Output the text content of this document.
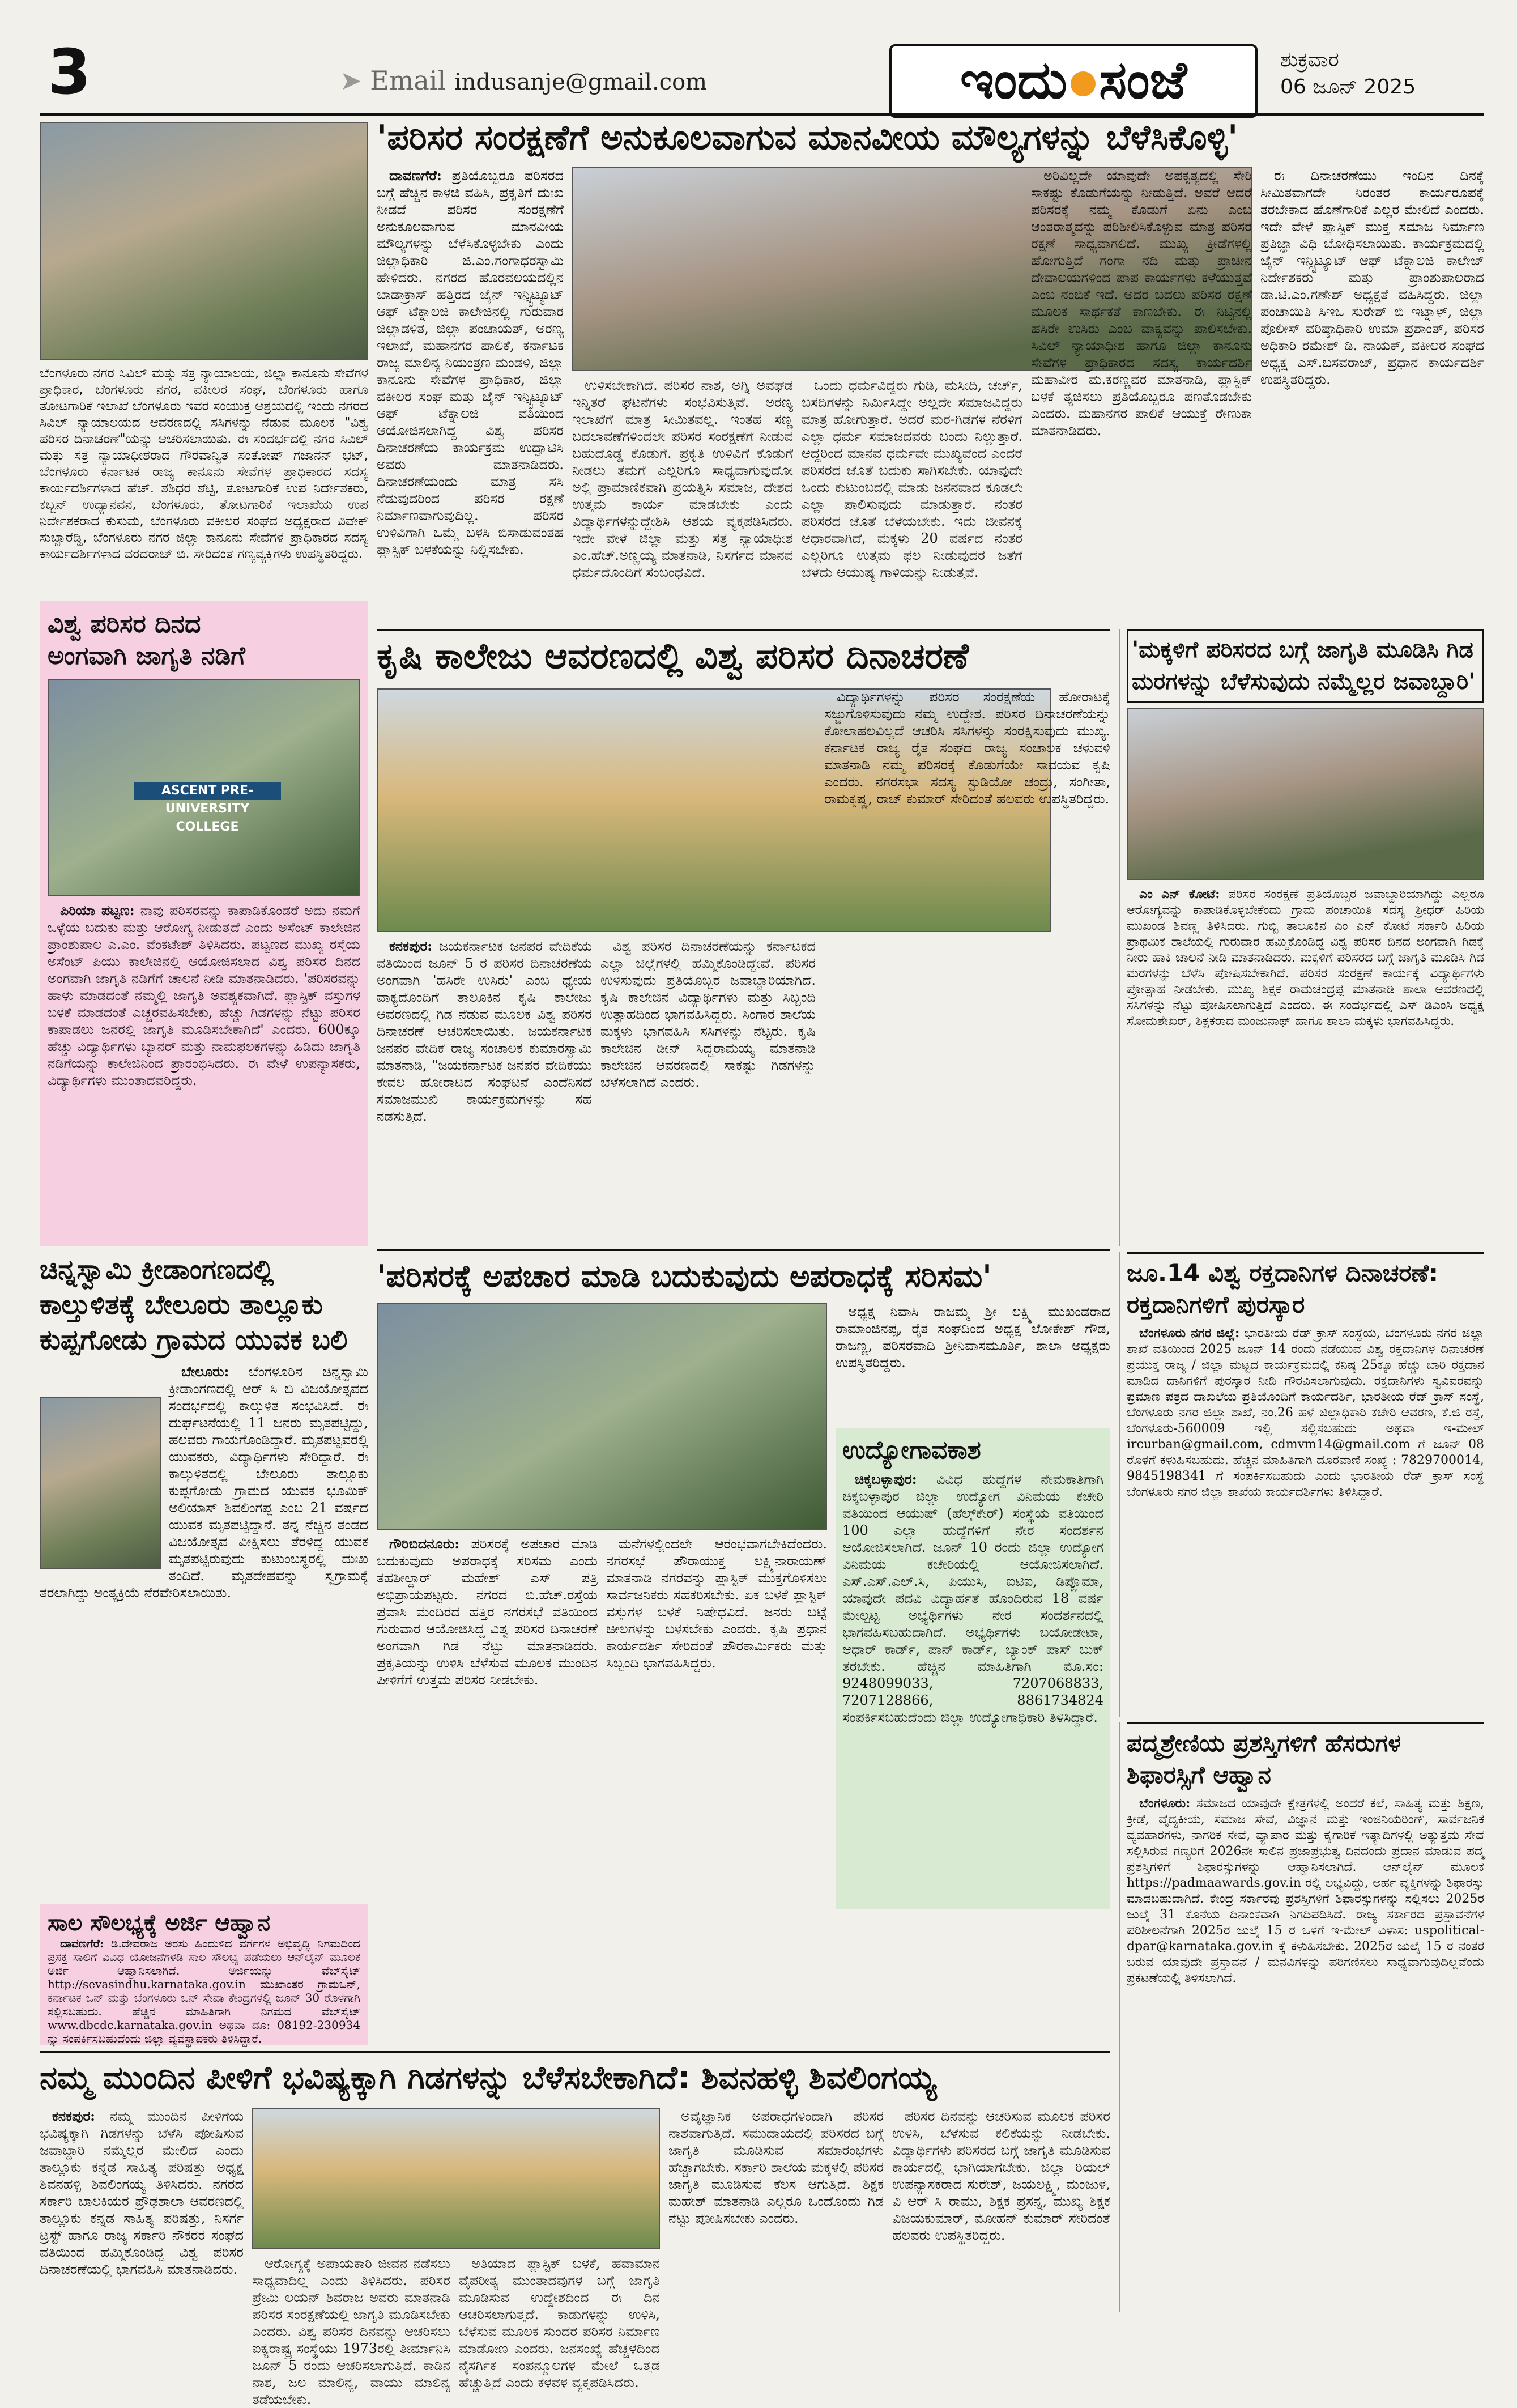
3	➤ Email indusanje@gmail.com	ಇಂದು ಸಂಜೆ	ಶುಕ್ರವಾರ
06 ಜೂನ್ 2025
ಬೆಂಗಳೂರು ನಗರ ಸಿವಿಲ್ ಮತ್ತು ಸತ್ರ ನ್ಯಾಯಾಲಯ, ಜಿಲ್ಲಾ ಕಾನೂನು ಸೇವೆಗಳ ಪ್ರಾಧಿಕಾರ, ಬೆಂಗಳೂರು ನಗರ, ವಕೀಲರ ಸಂಘ, ಬೆಂಗಳೂರು ಹಾಗೂ ತೋಟಗಾರಿಕೆ ಇಲಾಖೆ ಬೆಂಗಳೂರು ಇವರ ಸಂಯುಕ್ತ ಆಶ್ರಯದಲ್ಲಿ ಇಂದು ನಗರದ ಸಿವಿಲ್ ನ್ಯಾಯಾಲಯದ ಆವರಣದಲ್ಲಿ ಸಸಿಗಳನ್ನು ನೆಡುವ ಮೂಲಕ "ವಿಶ್ವ ಪರಿಸರ ದಿನಾಚರಣೆ"ಯನ್ನು ಆಚರಿಸಲಾಯಿತು. ಈ ಸಂದರ್ಭದಲ್ಲಿ ನಗರ ಸಿವಿಲ್ ಮತ್ತು ಸತ್ರ ನ್ಯಾಯಾಧೀಶರಾದ ಗೌರವಾನ್ವಿತ ಸಂತೋಷ್ ಗಜಾನನ್ ಭಟ್, ಬೆಂಗಳೂರು ಕರ್ನಾಟಕ ರಾಜ್ಯ ಕಾನೂನು ಸೇವೆಗಳ ಪ್ರಾಧಿಕಾರದ ಸದಸ್ಯ ಕಾರ್ಯದರ್ಶಿಗಳಾದ ಹೆಚ್. ಶಶಿಧರ ಶೆಟ್ಟಿ, ತೋಟಗಾರಿಕೆ ಉಪ ನಿರ್ದೇಶಕರು, ಕಬ್ಬನ್ ಉದ್ಯಾನವನ, ಬೆಂಗಳೂರು, ತೋಟಗಾರಿಕೆ ಇಲಾಖೆಯ ಉಪ ನಿರ್ದೇಶಕರಾದ ಕುಸುಮ, ಬೆಂಗಳೂರು ವಕೀಲರ ಸಂಘದ ಅಧ್ಯಕ್ಷರಾದ ವಿವೇಕ್ ಸುಬ್ಬಾರೆಡ್ಡಿ, ಬೆಂಗಳೂರು ನಗರ ಜಿಲ್ಲಾ ಕಾನೂನು ಸೇವೆಗಳ ಪ್ರಾಧಿಕಾರದ ಸದಸ್ಯ ಕಾರ್ಯದರ್ಶಿಗಳಾದ ವರದರಾಜ್ ಬಿ. ಸೇರಿದಂತೆ ಗಣ್ಯವ್ಯಕ್ತಿಗಳು ಉಪಸ್ಥಿತರಿದ್ದರು.
'ಪರಿಸರ ಸಂರಕ್ಷಣೆಗೆ ಅನುಕೂಲವಾಗುವ ಮಾನವೀಯ ಮೌಲ್ಯಗಳನ್ನು ಬೆಳೆಸಿಕೊಳ್ಳಿ'

ದಾವಣಗೆರೆ: ಪ್ರತಿಯೊಬ್ಬರೂ ಪರಿಸರದ ಬಗ್ಗೆ ಹೆಚ್ಚಿನ ಕಾಳಜಿ ವಹಿಸಿ, ಪ್ರಕೃತಿಗೆ ದುಃಖ ನೀಡದೆ ಪರಿಸರ ಸಂರಕ್ಷಣೆಗೆ ಅನುಕೂಲವಾಗುವ ಮಾನವೀಯ ಮೌಲ್ಯಗಳನ್ನು ಬೆಳೆಸಿಕೊಳ್ಳಬೇಕು ಎಂದು ಜಿಲ್ಲಾಧಿಕಾರಿ ಜಿ.ಎಂ.ಗಂಗಾಧರಸ್ವಾಮಿ ಹೇಳಿದರು. ನಗರದ ಹೊರವಲಯದಲ್ಲಿನ ಬಾಡಾಕ್ರಾಸ್ ಹತ್ತಿರದ ಜೈನ್ ಇನ್ಸ್ಟಿಟ್ಯೂಟ್ ಆಫ್ ಟೆಕ್ನಾಲಜಿ ಕಾಲೇಜಿನಲ್ಲಿ ಗುರುವಾರ ಜಿಲ್ಲಾಡಳಿತ, ಜಿಲ್ಲಾ ಪಂಚಾಯತ್, ಅರಣ್ಯ ಇಲಾಖೆ, ಮಹಾನಗರ ಪಾಲಿಕೆ, ಕರ್ನಾಟಕ ರಾಜ್ಯ ಮಾಲಿನ್ಯ ನಿಯಂತ್ರಣ ಮಂಡಳಿ, ಜಿಲ್ಲಾ ಕಾನೂನು ಸೇವೆಗಳ ಪ್ರಾಧಿಕಾರ, ಜಿಲ್ಲಾ ವಕೀಲರ ಸಂಘ ಮತ್ತು ಜೈನ್ ಇನ್ಸ್ಟಿಟ್ಯೂಟ್ ಆಫ್ ಟೆಕ್ನಾಲಜಿ ವತಿಯಿಂದ ಆಯೋಜಿಸಲಾಗಿದ್ದ ವಿಶ್ವ ಪರಿಸರ ದಿನಾಚರಣೆಯ ಕಾರ್ಯಕ್ರಮ ಉದ್ಘಾಟಿಸಿ ಅವರು ಮಾತನಾಡಿದರು. ದಿನಾಚರಣೆಯಂದು ಮಾತ್ರ ಸಸಿ ನೆಡುವುದರಿಂದ ಪರಿಸರ ರಕ್ಷಣೆ ನಿರ್ಮಾಣವಾಗುವುದಿಲ್ಲ. ಪರಿಸರ ಉಳಿವಿಗಾಗಿ ಒಮ್ಮೆ ಬಳಸಿ ಬಿಸಾಡುವಂತಹ ಪ್ಲಾಸ್ಟಿಕ್ ಬಳಕೆಯನ್ನು ನಿಲ್ಲಿಸಬೇಕು.

ಉಳಿಸಬೇಕಾಗಿದೆ. ಪರಿಸರ ನಾಶ, ಅಗ್ನಿ ಅವಘಡ ಇನ್ನಿತರೆ ಘಟನೆಗಳು ಸಂಭವಿಸುತ್ತಿವೆ. ಅರಣ್ಯ ಇಲಾಖೆಗೆ ಮಾತ್ರ ಸೀಮಿತವಲ್ಲ. ಇಂತಹ ಸಣ್ಣ ಬದಲಾವಣೆಗಳಿಂದಲೇ ಪರಿಸರ ಸಂರಕ್ಷಣೆಗೆ ನೀಡುವ ಬಹುದೊಡ್ಡ ಕೊಡುಗೆ. ಪ್ರಕೃತಿ ಉಳಿವಿಗೆ ಕೊಡುಗೆ ನೀಡಲು ತಮಗೆ ಎಲ್ಲರಿಗೂ ಸಾಧ್ಯವಾಗುವುದೋ ಅಲ್ಲಿ ಪ್ರಾಮಾಣಿಕವಾಗಿ ಪ್ರಯತ್ನಿಸಿ ಸಮಾಜ, ದೇಶದ ಉತ್ತಮ ಕಾರ್ಯ ಮಾಡಬೇಕು ಎಂದು ವಿದ್ಯಾರ್ಥಿಗಳನ್ನುದ್ದೇಶಿಸಿ ಆಶಯ ವ್ಯಕ್ತಪಡಿಸಿದರು. ಇದೇ ವೇಳೆ ಜಿಲ್ಲಾ ಮತ್ತು ಸತ್ರ ನ್ಯಾಯಾಧೀಶ ಎಂ.ಹೆಚ್.ಅಣ್ಣಯ್ಯ ಮಾತನಾಡಿ, ನಿಸರ್ಗದ ಮಾನವ ಧರ್ಮದೊಂದಿಗೆ ಸಂಬಂಧವಿದೆ.

ಒಂದು ಧರ್ಮವಿದ್ದರು ಗುಡಿ, ಮಸೀದಿ, ಚರ್ಚ್, ಬಸದಿಗಳನ್ನು ನಿರ್ಮಿಸಿದ್ದೇ ಅಲ್ಲದೇ ಸಮಾಜವಿದ್ದರು ಮಾತ್ರ ಹೋಗುತ್ತಾರೆ. ಅದರೆ ಮರ-ಗಿಡಗಳ ನೆರಳಿಗೆ ಎಲ್ಲಾ ಧರ್ಮ ಸಮಾಜದವರು ಬಂದು ನಿಲ್ಲುತ್ತಾರೆ. ಆದ್ದರಿಂದ ಮಾನವ ಧರ್ಮವೇ ಮುಖ್ಯವೆಂದ ಎಂದರೆ ಪರಿಸರದ ಜೊತೆ ಬದುಕು ಸಾಗಿಸಬೇಕು. ಯಾವುದೇ ಒಂದು ಕುಟುಂಬದಲ್ಲಿ ಮಾಡು ಜನನವಾದ ಕೂಡಲೇ ಎಲ್ಲಾ ಪಾಲಿಸುವುದು ಮಾಡುತ್ತಾರೆ. ನಂತರ ಪರಿಸರದ ಜೊತೆ ಬೆಳೆಯಬೇಕು. ಇದು ಜೀವನಕ್ಕೆ ಆಧಾರವಾಗಿದೆ, ಮಕ್ಕಳು 20 ವರ್ಷದ ನಂತರ ಎಲ್ಲರಿಗೂ ಉತ್ತಮ ಫಲ ನೀಡುವುದರ ಜತೆಗೆ ಬೆಳೆದು ಆಯುಷ್ಯ ಗಾಳಿಯನ್ನು ನೀಡುತ್ತವೆ.

ಅರಿವಿಲ್ಲದೇ ಯಾವುದೇ ಅಪಕೃತ್ಯದಲ್ಲಿ ಸೇರಿ ಸಾಕಷ್ಟು ಕೊಡುಗೆಯನ್ನು ನೀಡುತ್ತಿದೆ. ಅವರೆ ಆದರೆ ಪರಿಸರಕ್ಕೆ ನಮ್ಮ ಕೊಡುಗೆ ಏನು ಎಂಬ ಆಂತರಾತ್ಮವನ್ನು ಪರಿಶೀಲಿಸಿಕೊಳ್ಳುವ ಮಾತ್ರ ಪರಿಸರ ರಕ್ಷಣೆ ಸಾಧ್ಯವಾಗಲಿದೆ. ಮುಖ್ಯ ಕ್ರೀಡೆಗಳಲ್ಲಿ ಹೋಗುತ್ತಿದೆ ಗಂಗಾ ನದಿ ಮತ್ತು ಪ್ರಾಚೀನ ದೇವಾಲಯಗಳಿಂದ ಪಾಪ ಕಾರ್ಯಗಳು ಕಳೆಯುತ್ತವೆ ಎಂಬ ನಂಬಿಕೆ ಇದೆ. ಅದರ ಬದಲು ಪರಿಸರ ರಕ್ಷಣೆ ಮೂಲಕ ಸಾರ್ಥಕತೆ ಕಾಣಬೇಕು. ಈ ನಿಟ್ಟಿನಲ್ಲಿ ಹಸಿರೇ ಉಸಿರು ಎಂಬ ವಾಕ್ಯವನ್ನು ಪಾಲಿಸಬೇಕು. ಸಿವಿಲ್ ನ್ಯಾಯಾಧೀಶ ಹಾಗೂ ಜಿಲ್ಲಾ ಕಾನೂನು ಸೇವೆಗಳ ಪ್ರಾಧಿಕಾರದ ಸದಸ್ಯ ಕಾರ್ಯದರ್ಶಿ ಮಹಾವೀರ ಮ.ಕರಣ್ಣವರ ಮಾತನಾಡಿ, ಪ್ಲಾಸ್ಟಿಕ್ ಬಳಕೆ ತ್ಯಜಿಸಲು ಪ್ರತಿಯೊಬ್ಬರೂ ಪಣತೊಡಬೇಕು ಎಂದರು. ಮಹಾನಗರ ಪಾಲಿಕೆ ಆಯುಕ್ತೆ ರೇಣುಕಾ ಮಾತನಾಡಿದರು.

ಈ ದಿನಾಚರಣೆಯು ಇಂದಿನ ದಿನಕ್ಕೆ ಸೀಮಿತವಾಗದೇ ನಿರಂತರ ಕಾರ್ಯರೂಪಕ್ಕೆ ತರಬೇಕಾದ ಹೊಣೆಗಾರಿಕೆ ಎಲ್ಲರ ಮೇಲಿದೆ ಎಂದರು. ಇದೇ ವೇಳೆ ಪ್ಲಾಸ್ಟಿಕ್ ಮುಕ್ತ ಸಮಾಜ ನಿರ್ಮಾಣ ಪ್ರತಿಜ್ಞಾ ವಿಧಿ ಬೋಧಿಸಲಾಯಿತು. ಕಾರ್ಯಕ್ರಮದಲ್ಲಿ ಜೈನ್ ಇನ್ಸ್ಟಿಟ್ಯೂಟ್ ಆಫ್ ಟೆಕ್ನಾಲಜಿ ಕಾಲೇಜ್ ನಿರ್ದೇಶಕರು ಮತ್ತು ಪ್ರಾಂಶುಪಾಲರಾದ ಡಾ.ಟಿ.ಎಂ.ಗಣೇಶ್ ಅಧ್ಯಕ್ಷತೆ ವಹಿಸಿದ್ದರು. ಜಿಲ್ಲಾ ಪಂಚಾಯಿತಿ ಸಿಇಒ ಸುರೇಶ್ ಬಿ ಇಟ್ನಾಳ್, ಜಿಲ್ಲಾ ಪೊಲೀಸ್ ವರಿಷ್ಠಾಧಿಕಾರಿ ಉಮಾ ಪ್ರಶಾಂತ್, ಪರಿಸರ ಅಧಿಕಾರಿ ರಮೇಶ್ ಡಿ. ನಾಯಕ್, ವಕೀಲರ ಸಂಘದ ಅಧ್ಯಕ್ಷ ಎಸ್.ಬಸವರಾಜ್, ಪ್ರಧಾನ ಕಾರ್ಯದರ್ಶಿ ಉಪಸ್ಥಿತರಿದ್ದರು.

ವಿಶ್ವ ಪರಿಸರ ದಿನದ
ಅಂಗವಾಗಿ ಜಾಗೃತಿ ನಡಿಗೆ
ASCENT PRE-UNIVERSITY COLLEGE

ಪಿರಿಯಾ ಪಟ್ಟಣ: ನಾವು ಪರಿಸರವನ್ನು ಕಾಪಾಡಿಕೊಂಡರೆ ಅದು ನಮಗೆ ಒಳ್ಳೆಯ ಬದುಕು ಮತ್ತು ಆರೋಗ್ಯ ನೀಡುತ್ತದೆ ಎಂದು ಅಸೆಂಟ್ ಕಾಲೇಜಿನ ಪ್ರಾಂಶುಪಾಲ ಎ.ಎಂ. ವೆಂಕಟೇಶ್ ತಿಳಿಸಿದರು. ಪಟ್ಟಣದ ಮುಖ್ಯ ರಸ್ತೆಯ ಅಸೆಂಟ್ ಪಿಯು ಕಾಲೇಜಿನಲ್ಲಿ ಆಯೋಜಿಸಲಾದ ವಿಶ್ವ ಪರಿಸರ ದಿನದ ಅಂಗವಾಗಿ ಜಾಗೃತಿ ನಡಿಗೆಗೆ ಚಾಲನೆ ನೀಡಿ ಮಾತನಾಡಿದರು. 'ಪರಿಸರವನ್ನು ಹಾಳು ಮಾಡದಂತೆ ನಮ್ಮಲ್ಲಿ ಜಾಗೃತಿ ಅವಶ್ಯಕವಾಗಿದೆ. ಪ್ಲಾಸ್ಟಿಕ್ ವಸ್ತುಗಳ ಬಳಕೆ ಮಾಡದಂತೆ ಎಚ್ಚರವಹಿಸಬೇಕು, ಹೆಚ್ಚು ಗಿಡಗಳನ್ನು ನೆಟ್ಟು ಪರಿಸರ ಕಾಪಾಡಲು ಜನರಲ್ಲಿ ಜಾಗೃತಿ ಮೂಡಿಸಬೇಕಾಗಿದೆ' ಎಂದರು. 600ಕ್ಕೂ ಹೆಚ್ಚು ವಿದ್ಯಾರ್ಥಿಗಳು ಬ್ಯಾನರ್ ಮತ್ತು ನಾಮಫಲಕಗಳನ್ನು ಹಿಡಿದು ಜಾಗೃತಿ ನಡಿಗೆಯನ್ನು ಕಾಲೇಜಿನಿಂದ ಪ್ರಾರಂಭಿಸಿದರು. ಈ ವೇಳೆ ಉಪನ್ಯಾಸಕರು, ವಿದ್ಯಾರ್ಥಿಗಳು ಮುಂತಾದವರಿದ್ದರು.

ಚಿನ್ನಸ್ವಾಮಿ ಕ್ರೀಡಾಂಗಣದಲ್ಲಿ ಕಾಲ್ತುಳಿತಕ್ಕೆ ಬೇಲೂರು ತಾಲ್ಲೂಕು ಕುಪ್ಪಗೋಡು ಗ್ರಾಮದ ಯುವಕ ಬಲಿ

ಬೇಲೂರು: ಬೆಂಗಳೂರಿನ ಚಿನ್ನಸ್ವಾಮಿ ಕ್ರೀಡಾಂಗಣದಲ್ಲಿ ಆರ್ ಸಿ ಬಿ ವಿಜಯೋತ್ಸವದ ಸಂದರ್ಭದಲ್ಲಿ ಕಾಲ್ತುಳಿತ ಸಂಭವಿಸಿದೆ. ಈ ದುರ್ಘಟನೆಯಲ್ಲಿ 11 ಜನರು ಮೃತಪಟ್ಟಿದ್ದು, ಹಲವರು ಗಾಯಗೊಂಡಿದ್ದಾರೆ. ಮೃತಪಟ್ಟವರಲ್ಲಿ ಯುವಕರು, ವಿದ್ಯಾರ್ಥಿಗಳು ಸೇರಿದ್ದಾರೆ. ಈ ಕಾಲ್ತುಳಿತದಲ್ಲಿ ಬೇಲೂರು ತಾಲ್ಲೂಕು ಕುಪ್ಪಗೋಡು ಗ್ರಾಮದ ಯುವಕ ಭೂಮಿಕ್ ಅಲಿಯಾಸ್ ಶಿವಲಿಂಗಪ್ಪ ಎಂಬ 21 ವರ್ಷದ ಯುವಕ ಮೃತಪಟ್ಟಿದ್ದಾನೆ. ತನ್ನ ನೆಚ್ಚಿನ ತಂಡದ ವಿಜಯೋತ್ಸವ ವೀಕ್ಷಿಸಲು ತೆರಳಿದ್ದ ಯುವಕ ಮೃತಪಟ್ಟಿರುವುದು ಕುಟುಂಬಸ್ಥರಲ್ಲಿ ದುಃಖ ತಂದಿದೆ. ಮೃತದೇಹವನ್ನು ಸ್ವಗ್ರಾಮಕ್ಕೆ ತರಲಾಗಿದ್ದು ಅಂತ್ಯಕ್ರಿಯೆ ನೆರವೇರಿಸಲಾಯಿತು.

ಸಾಲ ಸೌಲಭ್ಯಕ್ಕೆ ಅರ್ಜಿ ಆಹ್ವಾನ

ದಾವಣಗೆರೆ: ಡಿ.ದೇವರಾಜ ಅರಸು ಹಿಂದುಳಿದ ವರ್ಗಗಳ ಅಭಿವೃದ್ಧಿ ನಿಗಮದಿಂದ ಪ್ರಸಕ್ತ ಸಾಲಿಗೆ ವಿವಿಧ ಯೋಜನೆಗಳಡಿ ಸಾಲ ಸೌಲಭ್ಯ ಪಡೆಯಲು ಆನ್‌ಲೈನ್ ಮೂಲಕ ಅರ್ಜಿ ಆಹ್ವಾನಿಸಲಾಗಿದೆ. ಅರ್ಜಿಯನ್ನು ವೆಬ್‌ಸೈಟ್ http://sevasindhu.karnataka.gov.in ಮುಖಾಂತರ ಗ್ರಾಮಒನ್, ಕರ್ನಾಟಕ ಒನ್ ಮತ್ತು ಬೆಂಗಳೂರು ಒನ್ ಸೇವಾ ಕೇಂದ್ರಗಳಲ್ಲಿ ಜೂನ್ 30 ರೊಳಗಾಗಿ ಸಲ್ಲಿಸಬಹುದು. ಹೆಚ್ಚಿನ ಮಾಹಿತಿಗಾಗಿ ನಿಗಮದ ವೆಬ್‌ಸೈಟ್ www.dbcdc.karnataka.gov.in ಅಥವಾ ದೂ: 08192-230934 ನ್ನು ಸಂಪರ್ಕಿಸಬಹುದೆಂದು ಜಿಲ್ಲಾ ವ್ಯವಸ್ಥಾಪಕರು ತಿಳಿಸಿದ್ದಾರೆ.

ಕೃಷಿ ಕಾಲೇಜು ಆವರಣದಲ್ಲಿ ವಿಶ್ವ ಪರಿಸರ ದಿನಾಚರಣೆ

ಕನಕಪುರ: ಜಯಕರ್ನಾಟಕ ಜನಪರ ವೇದಿಕೆಯ ವತಿಯಿಂದ ಜೂನ್ 5 ರ ಪರಿಸರ ದಿನಾಚರಣೆಯ ಅಂಗವಾಗಿ 'ಹಸಿರೇ ಉಸಿರು' ಎಂಬ ಧ್ಯೇಯ ವಾಕ್ಯದೊಂದಿಗೆ ತಾಲೂಕಿನ ಕೃಷಿ ಕಾಲೇಜು ಆವರಣದಲ್ಲಿ ಗಿಡ ನೆಡುವ ಮೂಲಕ ವಿಶ್ವ ಪರಿಸರ ದಿನಾಚರಣೆ ಆಚರಿಸಲಾಯಿತು. ಜಯಕರ್ನಾಟಕ ಜನಪರ ವೇದಿಕೆ ರಾಜ್ಯ ಸಂಚಾಲಕ ಕುಮಾರಸ್ವಾಮಿ ಮಾತನಾಡಿ, "ಜಯಕರ್ನಾಟಕ ಜನಪರ ವೇದಿಕೆಯು ಕೇವಲ ಹೋರಾಟದ ಸಂಘಟನೆ ಎಂದೆನಿಸದೆ ಸಮಾಜಮುಖಿ ಕಾರ್ಯಕ್ರಮಗಳನ್ನು ಸಹ ನಡೆಸುತ್ತಿದೆ.

ವಿಶ್ವ ಪರಿಸರ ದಿನಾಚರಣೆಯನ್ನು ಕರ್ನಾಟಕದ ಎಲ್ಲಾ ಜಿಲ್ಲೆಗಳಲ್ಲಿ ಹಮ್ಮಿಕೊಂಡಿದ್ದೇವೆ. ಪರಿಸರ ಉಳಿಸುವುದು ಪ್ರತಿಯೊಬ್ಬರ ಜವಾಬ್ದಾರಿಯಾಗಿದೆ. ಕೃಷಿ ಕಾಲೇಜಿನ ವಿದ್ಯಾರ್ಥಿಗಳು ಮತ್ತು ಸಿಬ್ಬಂದಿ ಉತ್ಸಾಹದಿಂದ ಭಾಗವಹಿಸಿದ್ದರು. ಸಿಂಗಾರ ಶಾಲೆಯ ಮಕ್ಕಳು ಭಾಗವಹಿಸಿ ಸಸಿಗಳನ್ನು ನೆಟ್ಟರು. ಕೃಷಿ ಕಾಲೇಜಿನ ಡೀನ್ ಸಿದ್ದರಾಮಯ್ಯ ಮಾತನಾಡಿ ಕಾಲೇಜಿನ ಆವರಣದಲ್ಲಿ ಸಾಕಷ್ಟು ಗಿಡಗಳನ್ನು ಬೆಳೆಸಲಾಗಿದೆ ಎಂದರು.

ವಿದ್ಯಾರ್ಥಿಗಳನ್ನು ಪರಿಸರ ಸಂರಕ್ಷಣೆಯ ಹೋರಾಟಕ್ಕೆ ಸಜ್ಜುಗೊಳಿಸುವುದು ನಮ್ಮ ಉದ್ದೇಶ. ಪರಿಸರ ದಿನಾಚರಣೆಯನ್ನು ಕೋಲಾಹಲವಿಲ್ಲದೆ ಆಚರಿಸಿ ಸಸಿಗಳನ್ನು ಸಂರಕ್ಷಿಸುವುದು ಮುಖ್ಯ. ಕರ್ನಾಟಕ ರಾಜ್ಯ ರೈತ ಸಂಘದ ರಾಜ್ಯ ಸಂಚಾಲಕ ಚಳುವಳಿ ಮಾತನಾಡಿ ನಮ್ಮ ಪರಿಸರಕ್ಕೆ ಕೊಡುಗೆಯೇ ಸಾವಯವ ಕೃಷಿ ಎಂದರು. ನಗರಸಭಾ ಸದಸ್ಯ ಸ್ಟುಡಿಯೋ ಚಂದ್ರು, ಸಂಗೀತಾ, ರಾಮಕೃಷ್ಣ, ರಾಜ್ ಕುಮಾರ್ ಸೇರಿದಂತೆ ಹಲವರು ಉಪಸ್ಥಿತರಿದ್ದರು.

'ಮಕ್ಕಳಿಗೆ ಪರಿಸರದ ಬಗ್ಗೆ ಜಾಗೃತಿ ಮೂಡಿಸಿ ಗಿಡ ಮರಗಳನ್ನು ಬೆಳೆಸುವುದು ನಮ್ಮೆಲ್ಲರ ಜವಾಬ್ದಾರಿ'

ಎಂ ಎನ್ ಕೋಟೆ: ಪರಿಸರ ಸಂರಕ್ಷಣೆ ಪ್ರತಿಯೊಬ್ಬರ ಜವಾಬ್ದಾರಿಯಾಗಿದ್ದು ಎಲ್ಲರೂ ಆರೋಗ್ಯವನ್ನು ಕಾಪಾಡಿಕೊಳ್ಳಬೇಕೆಂದು ಗ್ರಾಮ ಪಂಚಾಯಿತಿ ಸದಸ್ಯ ಶ್ರೀಧರ್ ಹಿರಿಯ ಮುಖಂಡ ಶಿವಣ್ಣ ತಿಳಿಸಿದರು. ಗುಬ್ಬಿ ತಾಲೂಕಿನ ಎಂ ಎನ್ ಕೋಟೆ ಸರ್ಕಾರಿ ಹಿರಿಯ ಪ್ರಾಥಮಿಕ ಶಾಲೆಯಲ್ಲಿ ಗುರುವಾರ ಹಮ್ಮಿಕೊಂಡಿದ್ದ ವಿಶ್ವ ಪರಿಸರ ದಿನದ ಅಂಗವಾಗಿ ಗಿಡಕ್ಕೆ ನೀರು ಹಾಕಿ ಚಾಲನೆ ನೀಡಿ ಮಾತನಾಡಿದರು. ಮಕ್ಕಳಿಗೆ ಪರಿಸರದ ಬಗ್ಗೆ ಜಾಗೃತಿ ಮೂಡಿಸಿ ಗಿಡ ಮರಗಳನ್ನು ಬೆಳೆಸಿ ಪೋಷಿಸಬೇಕಾಗಿದೆ. ಪರಿಸರ ಸಂರಕ್ಷಣೆ ಕಾರ್ಯಕ್ಕೆ ವಿದ್ಯಾರ್ಥಿಗಳು ಪ್ರೋತ್ಸಾಹ ನೀಡಬೇಕು. ಮುಖ್ಯ ಶಿಕ್ಷಕ ರಾಮಚಂದ್ರಪ್ಪ ಮಾತನಾಡಿ ಶಾಲಾ ಆವರಣದಲ್ಲಿ ಸಸಿಗಳನ್ನು ನೆಟ್ಟು ಪೋಷಿಸಲಾಗುತ್ತಿದೆ ಎಂದರು. ಈ ಸಂದರ್ಭದಲ್ಲಿ ಎಸ್ ಡಿಎಂಸಿ ಅಧ್ಯಕ್ಷ ಸೋಮಶೇಖರ್, ಶಿಕ್ಷಕರಾದ ಮಂಜುನಾಥ್ ಹಾಗೂ ಶಾಲಾ ಮಕ್ಕಳು ಭಾಗವಹಿಸಿದ್ದರು.

'ಪರಿಸರಕ್ಕೆ ಅಪಚಾರ ಮಾಡಿ ಬದುಕುವುದು ಅಪರಾಧಕ್ಕೆ ಸರಿಸಮ'

ಗೌರಿಬಿದನೂರು: ಪರಿಸರಕ್ಕೆ ಅಪಚಾರ ಮಾಡಿ ಬದುಕುವುದು ಅಪರಾಧಕ್ಕೆ ಸರಿಸಮ ಎಂದು ತಹಶೀಲ್ದಾರ್ ಮಹೇಶ್ ಎಸ್ ಪತ್ರಿ ಅಭಿಪ್ರಾಯಪಟ್ಟರು. ನಗರದ ಬಿ.ಹೆಚ್.ರಸ್ತೆಯ ಪ್ರವಾಸಿ ಮಂದಿರದ ಹತ್ತಿರ ನಗರಸಭೆ ವತಿಯಿಂದ ಗುರುವಾರ ಆಯೋಜಿಸಿದ್ದ ವಿಶ್ವ ಪರಿಸರ ದಿನಾಚರಣೆ ಅಂಗವಾಗಿ ಗಿಡ ನೆಟ್ಟು ಮಾತನಾಡಿದರು. ಪ್ರಕೃತಿಯನ್ನು ಉಳಿಸಿ ಬೆಳೆಸುವ ಮೂಲಕ ಮುಂದಿನ ಪೀಳಿಗೆಗೆ ಉತ್ತಮ ಪರಿಸರ ನೀಡಬೇಕು.

ಮನೆಗಳಲ್ಲಿಂದಲೇ ಆರಂಭವಾಗಬೇಕಿದೆಂದರು. ನಗರಸಭೆ ಪೌರಾಯುಕ್ತ ಲಕ್ಷ್ಮಿನಾರಾಯಣ್ ಮಾತನಾಡಿ ನಗರವನ್ನು ಪ್ಲಾಸ್ಟಿಕ್ ಮುಕ್ತಗೊಳಿಸಲು ಸಾರ್ವಜನಿಕರು ಸಹಕರಿಸಬೇಕು. ಏಕ ಬಳಕೆ ಪ್ಲಾಸ್ಟಿಕ್ ವಸ್ತುಗಳ ಬಳಕೆ ನಿಷೇಧವಿದೆ. ಜನರು ಬಟ್ಟೆ ಚೀಲಗಳನ್ನು ಬಳಸಬೇಕು ಎಂದರು. ಕೃಷಿ ಪ್ರಧಾನ ಕಾರ್ಯದರ್ಶಿ ಸೇರಿದಂತೆ ಪೌರಕಾರ್ಮಿಕರು ಮತ್ತು ಸಿಬ್ಬಂದಿ ಭಾಗವಹಿಸಿದ್ದರು.

ಅಧ್ಯಕ್ಷ ನಿವಾಸಿ ರಾಜಮ್ಮ ಶ್ರೀ ಲಕ್ಷ್ಮಿ ಮುಖಂಡರಾದ ರಾಮಾಂಜಿನಪ್ಪ, ರೈತ ಸಂಘದಿಂದ ಅಧ್ಯಕ್ಷ ಲೋಕೇಶ್ ಗೌಡ, ರಾಜಣ್ಣ, ಪರಿಸರವಾದಿ ಶ್ರೀನಿವಾಸಮೂರ್ತಿ, ಶಾಲಾ ಅಧ್ಯಕ್ಷರು ಉಪಸ್ಥಿತರಿದ್ದರು.

ಉದ್ಯೋಗಾವಕಾಶ

ಚಿಕ್ಕಬಳ್ಳಾಪುರ: ವಿವಿಧ ಹುದ್ದೆಗಳ ನೇಮಕಾತಿಗಾಗಿ ಚಿಕ್ಕಬಳ್ಳಾಪುರ ಜಿಲ್ಲಾ ಉದ್ಯೋಗ ವಿನಿಮಯ ಕಚೇರಿ ವತಿಯಿಂದ ಆಯುಷ್ (ಹೆಲ್ತ್‌ಕೇರ್) ಸಂಸ್ಥೆಯ ವತಿಯಿಂದ 100 ಎಲ್ಲಾ ಹುದ್ದೆಗಳಿಗೆ ನೇರ ಸಂದರ್ಶನ ಆಯೋಜಿಸಲಾಗಿದೆ. ಜೂನ್ 10 ರಂದು ಜಿಲ್ಲಾ ಉದ್ಯೋಗ ವಿನಿಮಯ ಕಚೇರಿಯಲ್ಲಿ ಆಯೋಜಿಸಲಾಗಿದೆ. ಎಸ್.ಎಸ್.ಎಲ್.ಸಿ, ಪಿಯುಸಿ, ಐಟಿಐ, ಡಿಪ್ಲೊಮಾ, ಯಾವುದೇ ಪದವಿ ವಿದ್ಯಾರ್ಹತೆ ಹೊಂದಿರುವ 18 ವರ್ಷ ಮೇಲ್ಪಟ್ಟ ಅಭ್ಯರ್ಥಿಗಳು ನೇರ ಸಂದರ್ಶನದಲ್ಲಿ ಭಾಗವಹಿಸಬಹುದಾಗಿದೆ. ಅಭ್ಯರ್ಥಿಗಳು ಬಯೋಡೇಟಾ, ಆಧಾರ್ ಕಾರ್ಡ್, ಪಾನ್ ಕಾರ್ಡ್, ಬ್ಯಾಂಕ್ ಪಾಸ್ ಬುಕ್ ತರಬೇಕು. ಹೆಚ್ಚಿನ ಮಾಹಿತಿಗಾಗಿ ಮೊ.ಸಂ: 9248099033, 7207068833, 7207128866, 8861734824 ಸಂಪರ್ಕಿಸಬಹುದೆಂದು ಜಿಲ್ಲಾ ಉದ್ಯೋಗಾಧಿಕಾರಿ ತಿಳಿಸಿದ್ದಾರೆ.

ಜೂ.14 ವಿಶ್ವ ರಕ್ತದಾನಿಗಳ ದಿನಾಚರಣೆ: ರಕ್ತದಾನಿಗಳಿಗೆ ಪುರಸ್ಕಾರ

ಬೆಂಗಳೂರು ನಗರ ಜಿಲ್ಲೆ: ಭಾರತೀಯ ರೆಡ್ ಕ್ರಾಸ್ ಸಂಸ್ಥೆಯ, ಬೆಂಗಳೂರು ನಗರ ಜಿಲ್ಲಾ ಶಾಖೆ ವತಿಯಿಂದ 2025 ಜೂನ್ 14 ರಂದು ನಡೆಯುವ ವಿಶ್ವ ರಕ್ತದಾನಿಗಳ ದಿನಾಚರಣೆ ಪ್ರಯುಕ್ತ ರಾಜ್ಯ / ಜಿಲ್ಲಾ ಮಟ್ಟದ ಕಾರ್ಯಕ್ರಮದಲ್ಲಿ ಕನಿಷ್ಠ 25ಕ್ಕೂ ಹೆಚ್ಚು ಬಾರಿ ರಕ್ತದಾನ ಮಾಡಿದ ದಾನಿಗಳಿಗೆ ಪುರಸ್ಕಾರ ನೀಡಿ ಗೌರವಿಸಲಾಗುವುದು. ರಕ್ತದಾನಿಗಳು ಸ್ವವಿವರವನ್ನು ಪ್ರಮಾಣ ಪತ್ರದ ದಾಖಲೆಯ ಪ್ರತಿಯೊಂದಿಗೆ ಕಾರ್ಯದರ್ಶಿ, ಭಾರತೀಯ ರೆಡ್ ಕ್ರಾಸ್ ಸಂಸ್ಥೆ, ಬೆಂಗಳೂರು ನಗರ ಜಿಲ್ಲಾ ಶಾಖೆ, ನಂ.26 ಹಳೆ ಜಿಲ್ಲಾಧಿಕಾರಿ ಕಚೇರಿ ಆವರಣ, ಕೆ.ಜಿ ರಸ್ತೆ, ಬೆಂಗಳೂರು-560009 ಇಲ್ಲಿ ಸಲ್ಲಿಸಬಹುದು ಅಥವಾ ಇ-ಮೇಲ್ ircurban@gmail.com, cdmvm14@gmail.com ಗೆ ಜೂನ್ 08 ರೊಳಗೆ ಕಳುಹಿಸಬಹುದು. ಹೆಚ್ಚಿನ ಮಾಹಿತಿಗಾಗಿ ದೂರವಾಣಿ ಸಂಖ್ಯೆ : 7829700014, 9845198341 ಗೆ ಸಂಪರ್ಕಿಸಬಹುದು ಎಂದು ಭಾರತೀಯ ರೆಡ್ ಕ್ರಾಸ್ ಸಂಸ್ಥೆ ಬೆಂಗಳೂರು ನಗರ ಜಿಲ್ಲಾ ಶಾಖೆಯ ಕಾರ್ಯದರ್ಶಿಗಳು ತಿಳಿಸಿದ್ದಾರೆ.

ಪದ್ಮಶ್ರೇಣಿಯ ಪ್ರಶಸ್ತಿಗಳಿಗೆ ಹೆಸರುಗಳ ಶಿಫಾರಸ್ಸಿಗೆ ಆಹ್ವಾನ

ಬೆಂಗಳೂರು: ಸಮಾಜದ ಯಾವುದೇ ಕ್ಷೇತ್ರಗಳಲ್ಲಿ ಅಂದರೆ ಕಲೆ, ಸಾಹಿತ್ಯ ಮತ್ತು ಶಿಕ್ಷಣ, ಕ್ರೀಡೆ, ವೈದ್ಯಕೀಯ, ಸಮಾಜ ಸೇವೆ, ವಿಜ್ಞಾನ ಮತ್ತು ಇಂಜಿನಿಯರಿಂಗ್, ಸಾರ್ವಜನಿಕ ವ್ಯವಹಾರಗಳು, ನಾಗರಿಕ ಸೇವೆ, ವ್ಯಾಪಾರ ಮತ್ತು ಕೈಗಾರಿಕೆ ಇತ್ಯಾದಿಗಳಲ್ಲಿ ಅತ್ಯುತ್ತಮ ಸೇವೆ ಸಲ್ಲಿಸಿರುವ ಗಣ್ಯರಿಗೆ 2026ನೇ ಸಾಲಿನ ಪ್ರಜಾಪ್ರಭುತ್ವ ದಿನದಂದು ಪ್ರದಾನ ಮಾಡುವ ಪದ್ಮ ಪ್ರಶಸ್ತಿಗಳಿಗೆ ಶಿಫಾರಸ್ಸುಗಳನ್ನು ಆಹ್ವಾನಿಸಲಾಗಿದೆ. ಆನ್‌ಲೈನ್ ಮೂಲಕ https://padmaawards.gov.in ರಲ್ಲಿ ಲಭ್ಯವಿದ್ದು, ಅರ್ಹ ವ್ಯಕ್ತಿಗಳನ್ನು ಶಿಫಾರಸ್ಸು ಮಾಡಬಹುದಾಗಿದೆ. ಕೇಂದ್ರ ಸರ್ಕಾರವು ಪ್ರಶಸ್ತಿಗಳಿಗೆ ಶಿಫಾರಸ್ಸುಗಳನ್ನು ಸಲ್ಲಿಸಲು 2025ರ ಜುಲೈ 31 ಕೊನೆಯ ದಿನಾಂಕವಾಗಿ ನಿಗದಿಪಡಿಸಿದೆ. ರಾಜ್ಯ ಸರ್ಕಾರದ ಪ್ರಸ್ತಾವನೆಗಳ ಪರಿಶೀಲನೆಗಾಗಿ 2025ರ ಜುಲೈ 15 ರ ಒಳಗೆ ಇ-ಮೇಲ್ ವಿಳಾಸ: uspolitical-dpar@karnataka.gov.in ಕ್ಕೆ ಕಳುಹಿಸಬೇಕು. 2025ರ ಜುಲೈ 15 ರ ನಂತರ ಬರುವ ಯಾವುದೇ ಪ್ರಸ್ತಾವನೆ / ಮನವಿಗಳನ್ನು ಪರಿಗಣಿಸಲು ಸಾಧ್ಯವಾಗುವುದಿಲ್ಲವೆಂದು ಪ್ರಕಟಣೆಯಲ್ಲಿ ತಿಳಿಸಲಾಗಿದೆ.

ನಮ್ಮ ಮುಂದಿನ ಪೀಳಿಗೆ ಭವಿಷ್ಯಕ್ಕಾಗಿ ಗಿಡಗಳನ್ನು ಬೆಳೆಸಬೇಕಾಗಿದೆ: ಶಿವನಹಳ್ಳಿ ಶಿವಲಿಂಗಯ್ಯ

ಕನಕಪುರ: ನಮ್ಮ ಮುಂದಿನ ಪೀಳಿಗೆಯ ಭವಿಷ್ಯಕ್ಕಾಗಿ ಗಿಡಗಳನ್ನು ಬೆಳೆಸಿ ಪೋಷಿಸುವ ಜವಾಬ್ದಾರಿ ನಮ್ಮೆಲ್ಲರ ಮೇಲಿದೆ ಎಂದು ತಾಲ್ಲೂಕು ಕನ್ನಡ ಸಾಹಿತ್ಯ ಪರಿಷತ್ತು ಅಧ್ಯಕ್ಷ ಶಿವನಹಳ್ಳಿ ಶಿವಲಿಂಗಯ್ಯ ತಿಳಿಸಿದರು. ನಗರದ ಸರ್ಕಾರಿ ಬಾಲಕಿಯರ ಪ್ರೌಢಶಾಲಾ ಆವರಣದಲ್ಲಿ ತಾಲ್ಲೂಕು ಕನ್ನಡ ಸಾಹಿತ್ಯ ಪರಿಷತ್ತು, ನಿಸರ್ಗ ಟ್ರಸ್ಟ್ ಹಾಗೂ ರಾಜ್ಯ ಸರ್ಕಾರಿ ನೌಕರರ ಸಂಘದ ವತಿಯಿಂದ ಹಮ್ಮಿಕೊಂಡಿದ್ದ ವಿಶ್ವ ಪರಿಸರ ದಿನಾಚರಣೆಯಲ್ಲಿ ಭಾಗವಹಿಸಿ ಮಾತನಾಡಿದರು.	ಆರೋಗ್ಯಕ್ಕೆ ಅಪಾಯಕಾರಿ ಜೀವನ ನಡೆಸಲು ಸಾಧ್ಯವಾದಿಲ್ಲ ಎಂದು ತಿಳಿಸಿದರು. ಪರಿಸರ ಪ್ರೇಮಿ ಲಯನ್ ಶಿವರಾಜ ಅವರು ಮಾತನಾಡಿ ಪರಿಸರ ಸಂರಕ್ಷಣೆಯಲ್ಲಿ ಜಾಗೃತಿ ಮೂಡಿಸಬೇಕು ಎಂದರು. ವಿಶ್ವ ಪರಿಸರ ದಿನವನ್ನು ಆಚರಿಸಲು ಐಕ್ಯರಾಷ್ಟ್ರ ಸಂಸ್ಥೆಯು 1973ರಲ್ಲಿ ತೀರ್ಮಾನಿಸಿ ಜೂನ್ 5 ರಂದು ಆಚರಿಸಲಾಗುತ್ತಿದೆ. ಕಾಡಿನ ನಾಶ, ಜಲ ಮಾಲಿನ್ಯ, ವಾಯು ಮಾಲಿನ್ಯ ತಡೆಯಬೇಕು.

ಅತಿಯಾದ ಪ್ಲಾಸ್ಟಿಕ್ ಬಳಕೆ, ಹವಾಮಾನ ವೈಪರೀತ್ಯ ಮುಂತಾದವುಗಳ ಬಗ್ಗೆ ಜಾಗೃತಿ ಮೂಡಿಸುವ ಉದ್ದೇಶದಿಂದ ಈ ದಿನ ಆಚರಿಸಲಾಗುತ್ತದೆ. ಕಾಡುಗಳನ್ನು ಉಳಿಸಿ, ಬೆಳೆಸುವ ಮೂಲಕ ಸುಂದರ ಪರಿಸರ ನಿರ್ಮಾಣ ಮಾಡೋಣ ಎಂದರು. ಜನಸಂಖ್ಯೆ ಹೆಚ್ಚಳದಿಂದ ನೈಸರ್ಗಿಕ ಸಂಪನ್ಮೂಲಗಳ ಮೇಲೆ ಒತ್ತಡ ಹೆಚ್ಚುತ್ತಿದೆ ಎಂದು ಕಳವಳ ವ್ಯಕ್ತಪಡಿಸಿದರು.

ಅವೈಜ್ಞಾನಿಕ ಅಪರಾಧಗಳಿಂದಾಗಿ ಪರಿಸರ ನಾಶವಾಗುತ್ತಿದೆ. ಸಮುದಾಯದಲ್ಲಿ ಪರಿಸರದ ಬಗ್ಗೆ ಜಾಗೃತಿ ಮೂಡಿಸುವ ಸಮಾರಂಭಗಳು ಹೆಚ್ಚಾಗಬೇಕು. ಸರ್ಕಾರಿ ಶಾಲೆಯ ಮಕ್ಕಳಲ್ಲಿ ಪರಿಸರ ಜಾಗೃತಿ ಮೂಡಿಸುವ ಕೆಲಸ ಆಗುತ್ತಿದೆ. ಶಿಕ್ಷಕ ಮಹೇಶ್ ಮಾತನಾಡಿ ಎಲ್ಲರೂ ಒಂದೊಂದು ಗಿಡ ನೆಟ್ಟು ಪೋಷಿಸಬೇಕು ಎಂದರು.

ಪರಿಸರ ದಿನವನ್ನು ಆಚರಿಸುವ ಮೂಲಕ ಪರಿಸರ ಉಳಿಸಿ, ಬೆಳೆಸುವ ಕಲಿಕೆಯನ್ನು ನೀಡಬೇಕು. ವಿದ್ಯಾರ್ಥಿಗಳು ಪರಿಸರದ ಬಗ್ಗೆ ಜಾಗೃತಿ ಮೂಡಿಸುವ ಕಾರ್ಯದಲ್ಲಿ ಭಾಗಿಯಾಗಬೇಕು. ಜಿಲ್ಲಾ ರಿಯಲ್ ಉಪನ್ಯಾಸಕರಾದ ಸುರೇಶ್, ಜಯಲಕ್ಷ್ಮಿ, ಮಂಜುಳ, ವಿ ಆರ್ ಸಿ ರಾಮು, ಶಿಕ್ಷಕ ಪ್ರಸನ್ನ, ಮುಖ್ಯ ಶಿಕ್ಷಕ ವಿಜಯಕುಮಾರ್, ಮೋಹನ್ ಕುಮಾರ್ ಸೇರಿದಂತೆ ಹಲವರು ಉಪಸ್ಥಿತರಿದ್ದರು.
